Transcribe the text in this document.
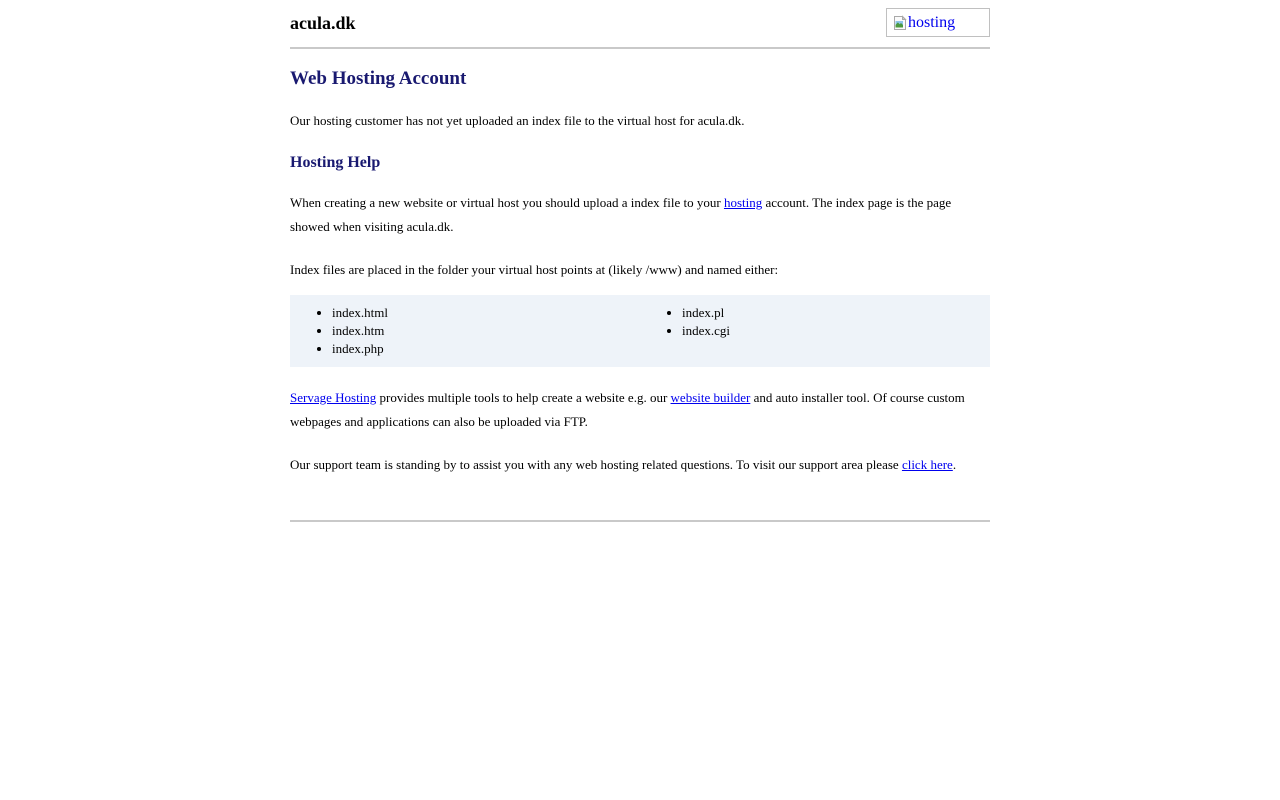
acula.dk	hosting
Web Hosting Account

Our hosting customer has not yet uploaded an index file to the virtual host for acula.dk.

Hosting Help

When creating a new website or virtual host you should upload a index file to your hosting account. The index page is the page showed when visiting acula.dk.

Index files are placed in the folder your virtual host points at (likely /www) and named either:

• index.html
• index.htm
• index.php

• index.pl
• index.cgi

Servage Hosting provides multiple tools to help create a website e.g. our website builder and auto installer tool. Of course custom webpages and applications can also be uploaded via FTP.

Our support team is standing by to assist you with any web hosting related questions. To visit our support area please click here.
